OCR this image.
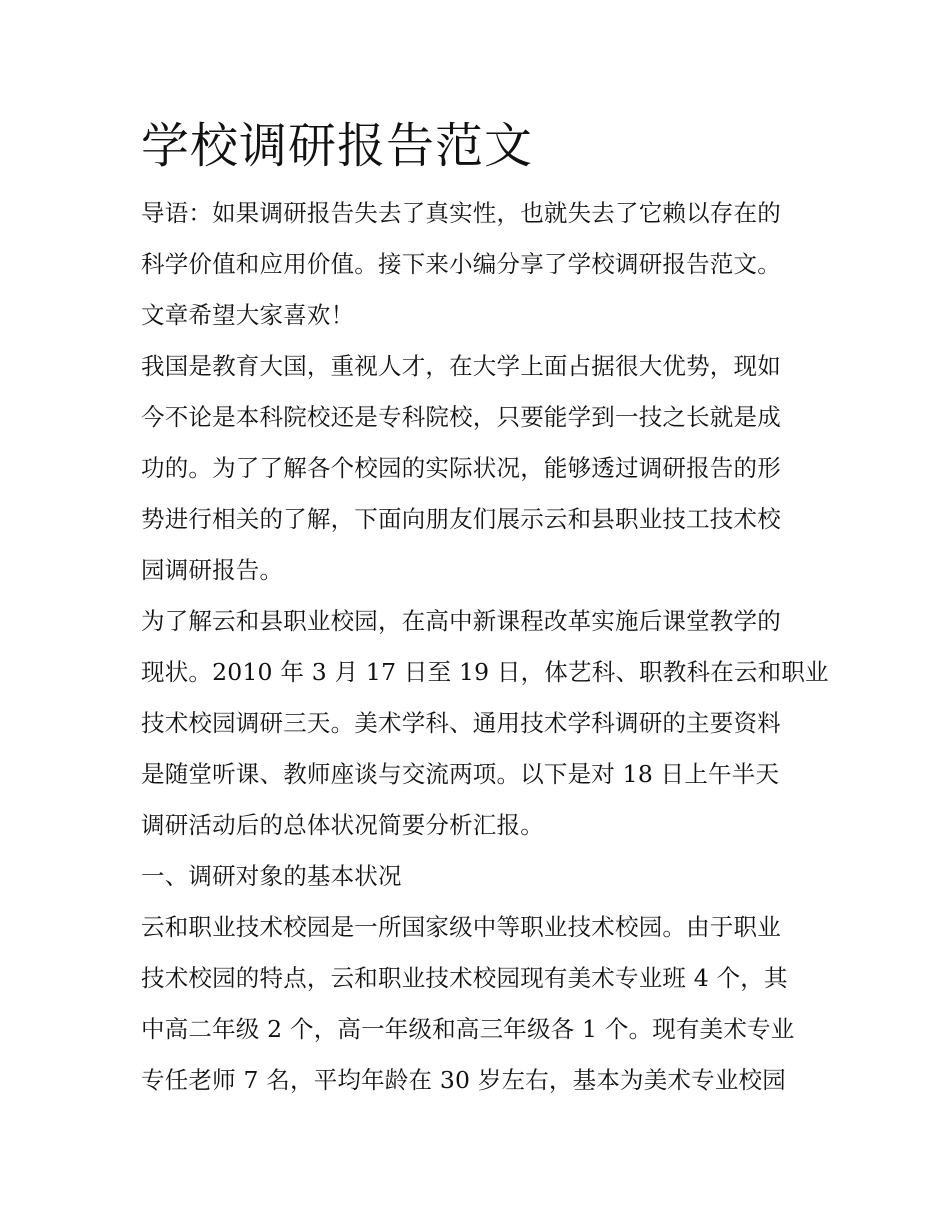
学校调研报告范文

导语：如果调研报告失去了真实性，也就失去了它赖以存在的
科学价值和应用价值。接下来小编分享了学校调研报告范文。
文章希望大家喜欢！

我国是教育大国，重视人才，在大学上面占据很大优势，现如
今不论是本科院校还是专科院校，只要能学到一技之长就是成
功的。为了了解各个校园的实际状况，能够透过调研报告的形
势进行相关的了解，下面向朋友们展示云和县职业技工技术校
园调研报告。

为了解云和县职业校园，在高中新课程改革实施后课堂教学的
现状。2010 年 3 月 17 日至 19 日，体艺科、职教科在云和职业
技术校园调研三天。美术学科、通用技术学科调研的主要资料
是随堂听课、教师座谈与交流两项。以下是对 18 日上午半天
调研活动后的总体状况简要分析汇报。

一、调研对象的基本状况

云和职业技术校园是一所国家级中等职业技术校园。由于职业
技术校园的特点，云和职业技术校园现有美术专业班 4 个，其
中高二年级 2 个，高一年级和高三年级各 1 个。现有美术专业
专任老师 7 名，平均年龄在 30 岁左右，基本为美术专业校园
